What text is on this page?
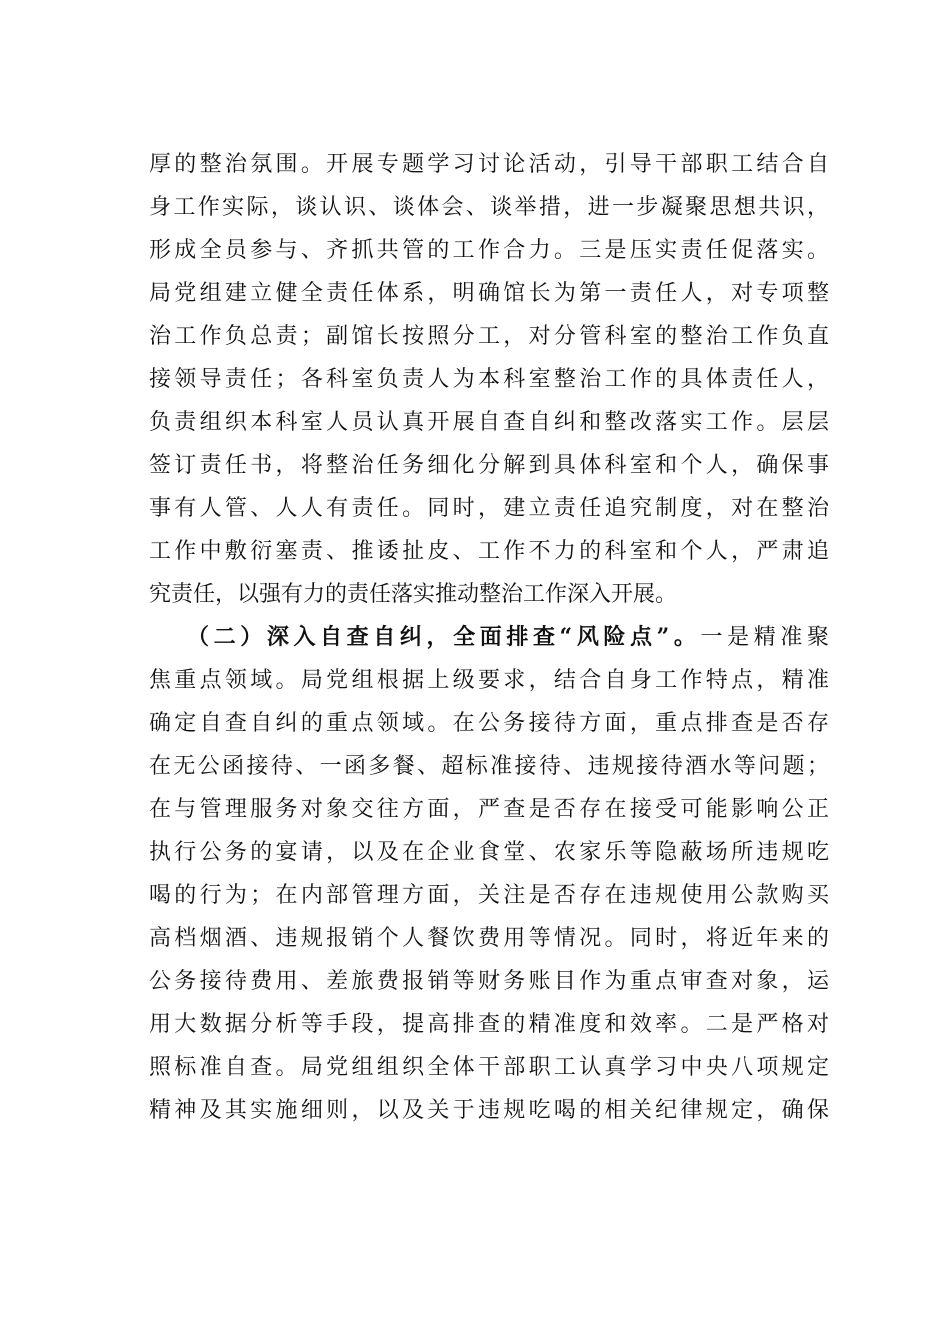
厚的整治氛围。开展专题学习讨论活动，引导干部职工结合自
身工作实际，谈认识、谈体会、谈举措，进一步凝聚思想共识，
形成全员参与、齐抓共管的工作合力。三是压实责任促落实。
局党组建立健全责任体系，明确馆长为第一责任人，对专项整
治工作负总责；副馆长按照分工，对分管科室的整治工作负直
接领导责任；各科室负责人为本科室整治工作的具体责任人，
负责组织本科室人员认真开展自查自纠和整改落实工作。层层
签订责任书，将整治任务细化分解到具体科室和个人，确保事
事有人管、人人有责任。同时，建立责任追究制度，对在整治
工作中敷衍塞责、推诿扯皮、工作不力的科室和个人，严肃追
究责任，以强有力的责任落实推动整治工作深入开展。
（二）深入自查自纠，全面排查“风险点”。一是精准聚
焦重点领域。局党组根据上级要求，结合自身工作特点，精准
确定自查自纠的重点领域。在公务接待方面，重点排查是否存
在无公函接待、一函多餐、超标准接待、违规接待酒水等问题；
在与管理服务对象交往方面，严查是否存在接受可能影响公正
执行公务的宴请，以及在企业食堂、农家乐等隐蔽场所违规吃
喝的行为；在内部管理方面，关注是否存在违规使用公款购买
高档烟酒、违规报销个人餐饮费用等情况。同时，将近年来的
公务接待费用、差旅费报销等财务账目作为重点审查对象，运
用大数据分析等手段，提高排查的精准度和效率。二是严格对
照标准自查。局党组组织全体干部职工认真学习中央八项规定
精神及其实施细则，以及关于违规吃喝的相关纪律规定，确保
